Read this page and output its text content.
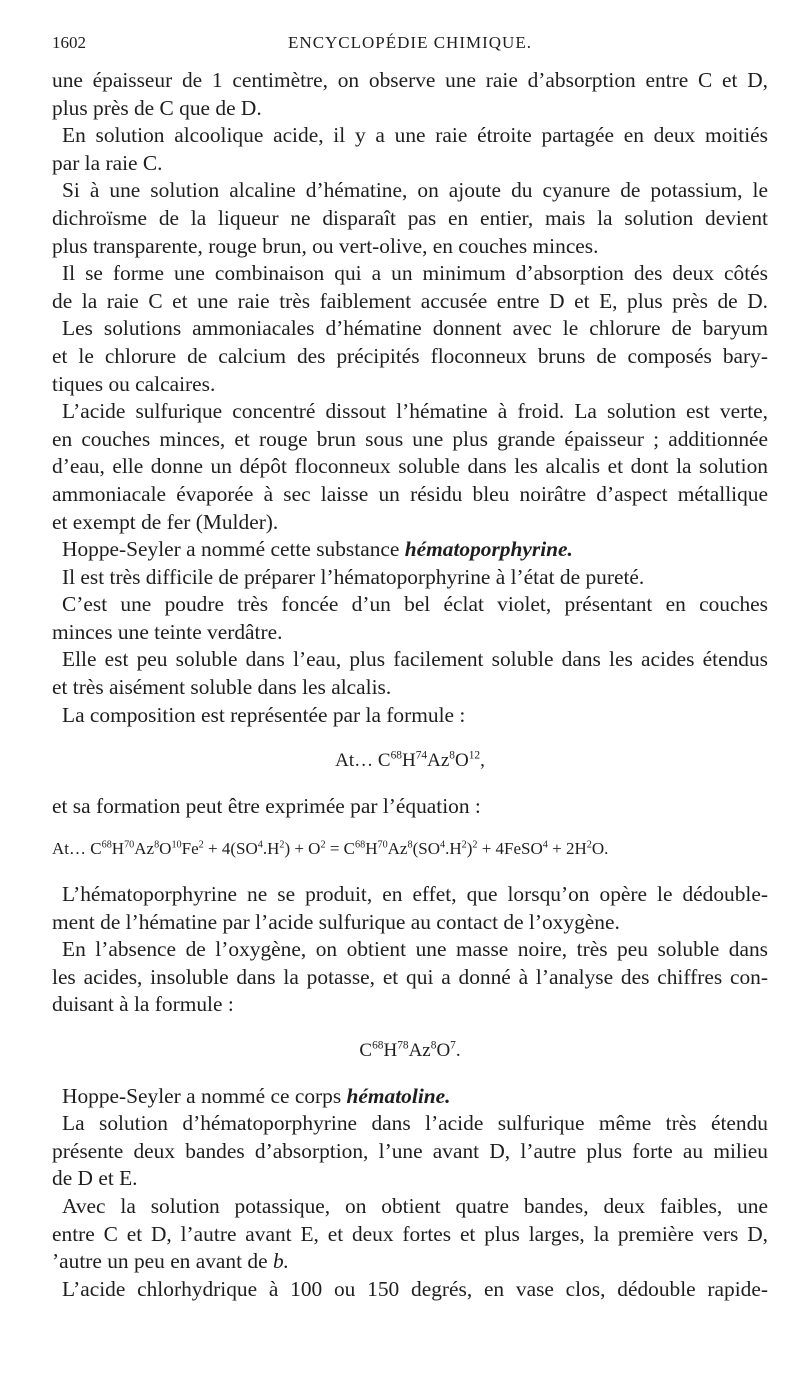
1602	ENCYCLOPÉDIE CHIMIQUE.
une épaisseur de 1 centimètre, on observe une raie d’absorption entre C et D,
plus près de C que de D.
En solution alcoolique acide, il y a une raie étroite partagée en deux moitiés
par la raie C.
Si à une solution alcaline d’hématine, on ajoute du cyanure de potassium, le
dichroïsme de la liqueur ne disparaît pas en entier, mais la solution devient
plus transparente, rouge brun, ou vert-olive, en couches minces.
Il se forme une combinaison qui a un minimum d’absorption des deux côtés
de la raie C et une raie très faiblement accusée entre D et E, plus près de D.
Les solutions ammoniacales d’hématine donnent avec le chlorure de baryum
et le chlorure de calcium des précipités floconneux bruns de composés bary-
tiques ou calcaires.
L’acide sulfurique concentré dissout l’hématine à froid. La solution est verte,
en couches minces, et rouge brun sous une plus grande épaisseur ; additionnée
d’eau, elle donne un dépôt floconneux soluble dans les alcalis et dont la solution
ammoniacale évaporée à sec laisse un résidu bleu noirâtre d’aspect métallique
et exempt de fer (Mulder).
Hoppe-Seyler a nommé cette substance hématoporphyrine.
Il est très difficile de préparer l’hématoporphyrine à l’état de pureté.
C’est une poudre très foncée d’un bel éclat violet, présentant en couches
minces une teinte verdâtre.
Elle est peu soluble dans l’eau, plus facilement soluble dans les acides étendus
et très aisément soluble dans les alcalis.
La composition est représentée par la formule :
At… $C^{68}H^{74}Az^8O^{12}$,
et sa formation peut être exprimée par l’équation :
At… $C^{68}H^{70}Az^8O^{10}Fe^2 + 4(SO^4.H^2) + O^2 = C^{68}H^{70}Az^8(SO^4.H^2)^2$ + 4FeSO$^4$ + $2H^2O$.
L’hématoporphyrine ne se produit, en effet, que lorsqu’on opère le dédouble-
ment de l’hématine par l’acide sulfurique au contact de l’oxygène.
En l’absence de l’oxygène, on obtient une masse noire, très peu soluble dans
les acides, insoluble dans la potasse, et qui a donné à l’analyse des chiffres con-
duisant à la formule :
$C^{68}H^{78}Az^8O^7$.
Hoppe-Seyler a nommé ce corps hématoline.
La solution d’hématoporphyrine dans l’acide sulfurique même très étendu
présente deux bandes d’absorption, l’une avant D, l’autre plus forte au milieu
de D et E.
Avec la solution potassique, on obtient quatre bandes, deux faibles, une
entre C et D, l’autre avant E, et deux fortes et plus larges, la première vers D,
’autre un peu en avant de b.
L’acide chlorhydrique à 100 ou 150 degrés, en vase clos, dédouble rapide-
